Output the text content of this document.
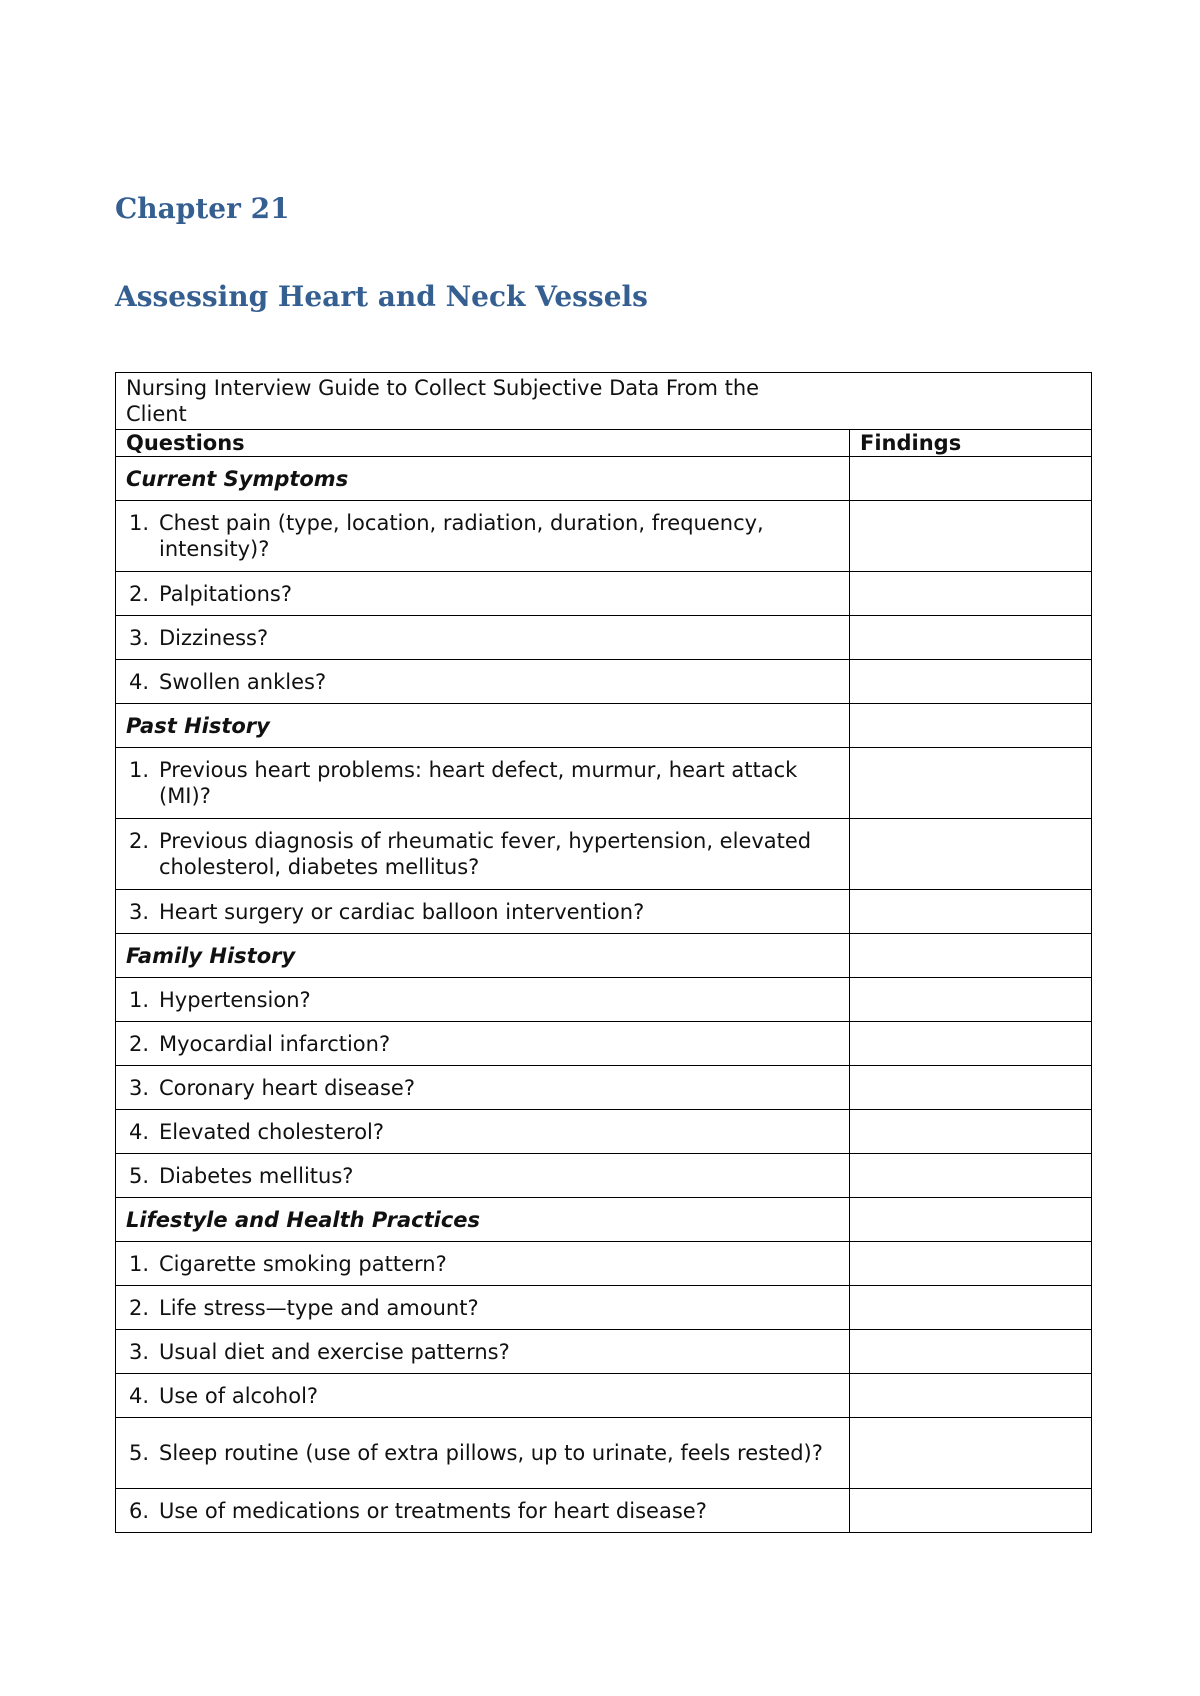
Chapter 21
Assessing Heart and Neck Vessels
Nursing Interview Guide to Collect Subjective Data From the Client	

Questions	Findings
Current Symptoms	

1. Chest pain (type, location, radiation, duration, frequency, intensity)?	

2. Palpitations?	

3. Dizziness?	

4. Swollen ankles?	

Past History	

1. Previous heart problems: heart defect, murmur, heart attack (MI)?	

2. Previous diagnosis of rheumatic fever, hypertension, elevated cholesterol, diabetes mellitus?	

3. Heart surgery or cardiac balloon intervention?	

Family History	

1. Hypertension?	

2. Myocardial infarction?	

3. Coronary heart disease?	

4. Elevated cholesterol?	

5. Diabetes mellitus?	

Lifestyle and Health Practices	

1. Cigarette smoking pattern?	

2. Life stress—type and amount?	

3. Usual diet and exercise patterns?	

4. Use of alcohol?	

5. Sleep routine (use of extra pillows, up to urinate, feels rested)?	

6. Use of medications or treatments for heart disease?	
